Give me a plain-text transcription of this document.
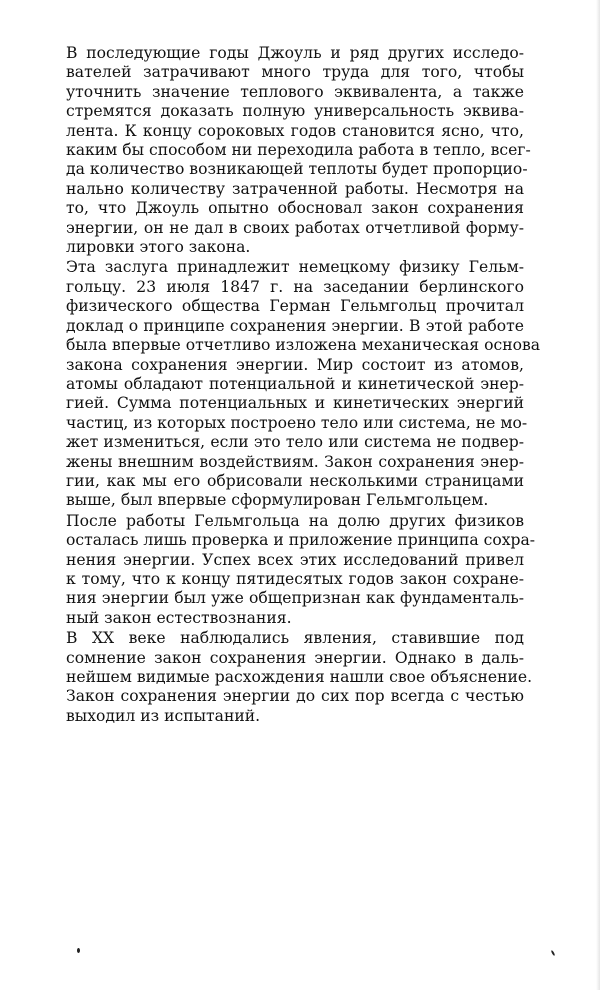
В последующие годы Джоуль и ряд других исследо-
вателей затрачивают много труда для того, чтобы
уточнить значение теплового эквивалента, а также
стремятся доказать полную универсальность эквива-
лента. К концу сороковых годов становится ясно, что,
каким бы способом ни переходила работа в тепло, всег-
да количество возникающей теплоты будет пропорцио-
нально количеству затраченной работы. Несмотря на
то, что Джоуль опытно обосновал закон сохранения
энергии, он не дал в своих работах отчетливой форму-
лировки этого закона.

Эта заслуга принадлежит немецкому физику Гельм-
гольцу. 23 июля 1847 г. на заседании берлинского
физического общества Герман Гельмгольц прочитал
доклад о принципе сохранения энергии. В этой работе
была впервые отчетливо изложена механическая основа
закона сохранения энергии. Мир состоит из атомов,
атомы обладают потенциальной и кинетической энер-
гией. Сумма потенциальных и кинетических энергий
частиц, из которых построено тело или система, не мо-
жет измениться, если это тело или система не подвер-
жены внешним воздействиям. Закон сохранения энер-
гии, как мы его обрисовали несколькими страницами
выше, был впервые сформулирован Гельмгольцем.

После работы Гельмгольца на долю других физиков
осталась лишь проверка и приложение принципа сохра-
нения энергии. Успех всех этих исследований привел
к тому, что к концу пятидесятых годов закон сохране-
ния энергии был уже общепризнан как фундаменталь-
ный закон естествознания.

В XX веке наблюдались явления, ставившие под
сомнение закон сохранения энергии. Однако в даль-
нейшем видимые расхождения нашли свое объяснение.
Закон сохранения энергии до сих пор всегда с честью
выходил из испытаний.
